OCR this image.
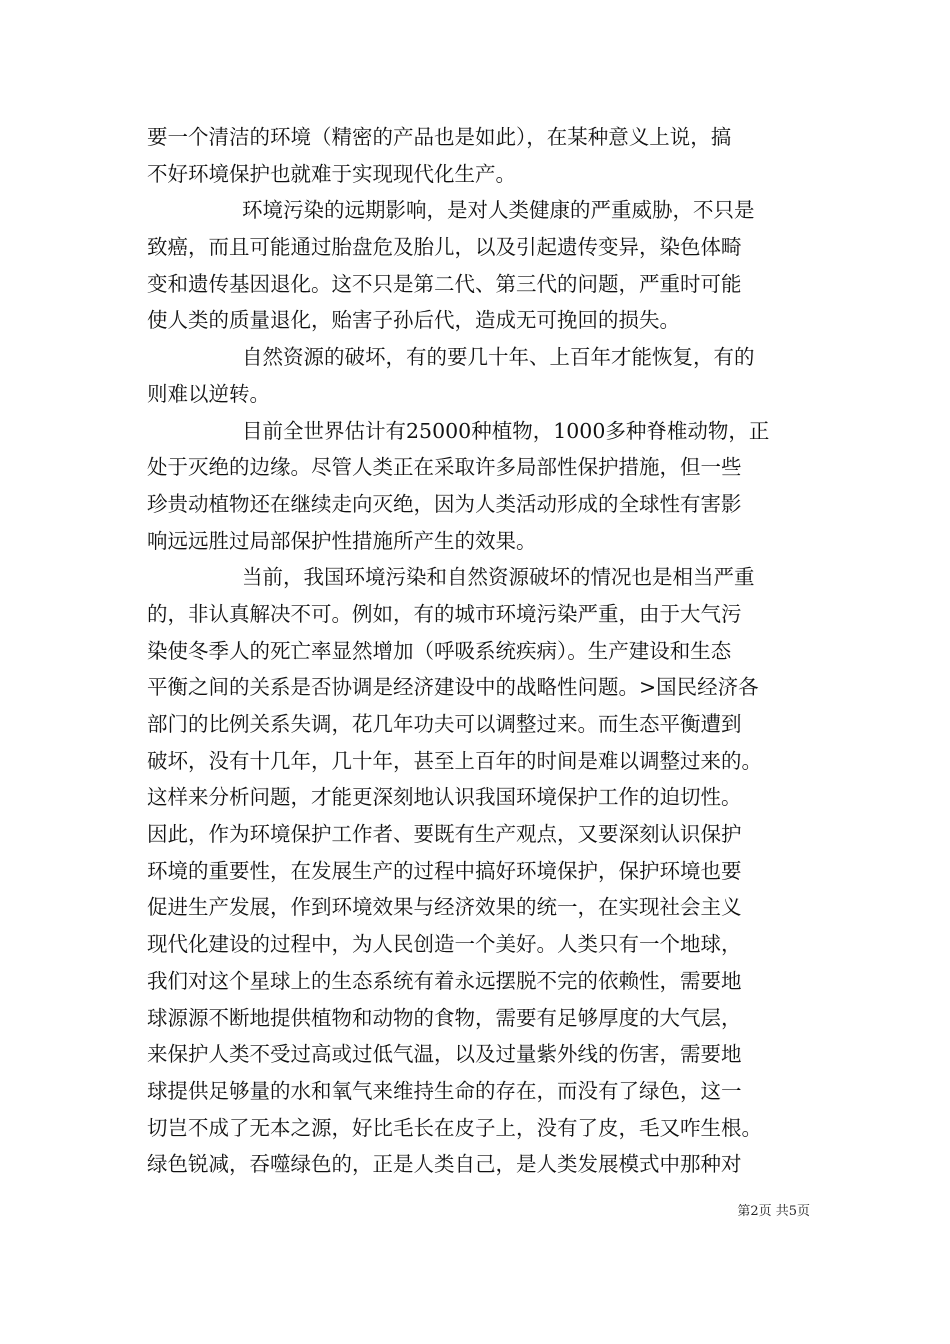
要一个清洁的环境（精密的产品也是如此），在某种意义上说，搞
不好环境保护也就难于实现现代化生产。
环境污染的远期影响，是对人类健康的严重威胁，不只是
致癌，而且可能通过胎盘危及胎儿，以及引起遗传变异，染色体畸
变和遗传基因退化。这不只是第二代、第三代的问题，严重时可能
使人类的质量退化，贻害子孙后代，造成无可挽回的损失。
自然资源的破坏，有的要几十年、上百年才能恢复，有的
则难以逆转。
目前全世界估计有25000种植物，1000多种脊椎动物，正
处于灭绝的边缘。尽管人类正在采取许多局部性保护措施，但一些
珍贵动植物还在继续走向灭绝，因为人类活动形成的全球性有害影
响远远胜过局部保护性措施所产生的效果。
当前，我国环境污染和自然资源破坏的情况也是相当严重
的，非认真解决不可。例如，有的城市环境污染严重，由于大气污
染使冬季人的死亡率显然增加（呼吸系统疾病）。生产建设和生态
平衡之间的关系是否协调是经济建设中的战略性问题。>国民经济各
部门的比例关系失调，花几年功夫可以调整过来。而生态平衡遭到
破坏，没有十几年，几十年，甚至上百年的时间是难以调整过来的。
这样来分析问题，才能更深刻地认识我国环境保护工作的迫切性。
因此，作为环境保护工作者、要既有生产观点，又要深刻认识保护
环境的重要性，在发展生产的过程中搞好环境保护，保护环境也要
促进生产发展，作到环境效果与经济效果的统一，在实现社会主义
现代化建设的过程中，为人民创造一个美好。人类只有一个地球，
我们对这个星球上的生态系统有着永远摆脱不完的依赖性，需要地
球源源不断地提供植物和动物的食物，需要有足够厚度的大气层，
来保护人类不受过高或过低气温，以及过量紫外线的伤害，需要地
球提供足够量的水和氧气来维持生命的存在，而没有了绿色，这一
切岂不成了无本之源，好比毛长在皮子上，没有了皮，毛又咋生根。
绿色锐减，吞噬绿色的，正是人类自己，是人类发展模式中那种对
第2页 共5页
